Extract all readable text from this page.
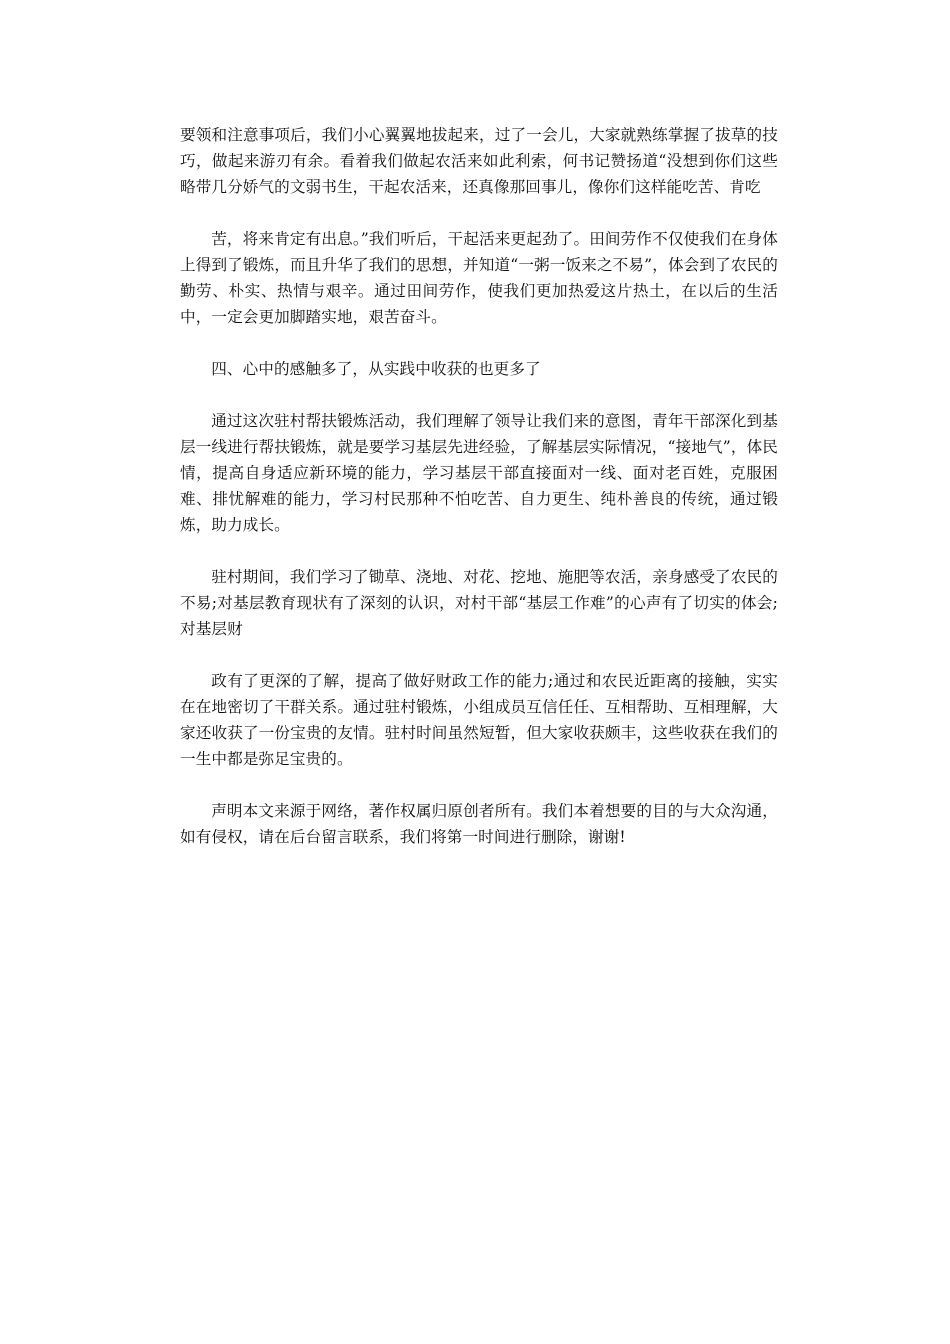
要领和注意事项后，我们小心翼翼地拔起来，过了一会儿，大家就熟练掌握了拔草的技巧，做起来游刃有余。看着我们做起农活来如此利索，何书记赞扬道“没想到你们这些略带几分娇气的文弱书生，干起农活来，还真像那回事儿，像你们这样能吃苦、肯吃

苦，将来肯定有出息。”我们听后，干起活来更起劲了。田间劳作不仅使我们在身体上得到了锻炼，而且升华了我们的思想，并知道“一粥一饭来之不易”，体会到了农民的勤劳、朴实、热情与艰辛。通过田间劳作，使我们更加热爱这片热土，在以后的生活中，一定会更加脚踏实地，艰苦奋斗。

四、心中的感触多了，从实践中收获的也更多了

通过这次驻村帮扶锻炼活动，我们理解了领导让我们来的意图，青年干部深化到基层一线进行帮扶锻炼，就是要学习基层先进经验，了解基层实际情况，“接地气”，体民情，提高自身适应新环境的能力，学习基层干部直接面对一线、面对老百姓，克服困难、排忧解难的能力，学习村民那种不怕吃苦、自力更生、纯朴善良的传统，通过锻炼，助力成长。

驻村期间，我们学习了锄草、浇地、对花、挖地、施肥等农活，亲身感受了农民的不易;对基层教育现状有了深刻的认识，对村干部“基层工作难”的心声有了切实的体会;对基层财

政有了更深的了解，提高了做好财政工作的能力;通过和农民近距离的接触，实实在在地密切了干群关系。通过驻村锻炼，小组成员互信任任、互相帮助、互相理解，大家还收获了一份宝贵的友情。驻村时间虽然短暂，但大家收获颇丰，这些收获在我们的一生中都是弥足宝贵的。

声明本文来源于网络，著作权属归原创者所有。我们本着想要的目的与大众沟通，如有侵权，请在后台留言联系，我们将第一时间进行删除，谢谢!
